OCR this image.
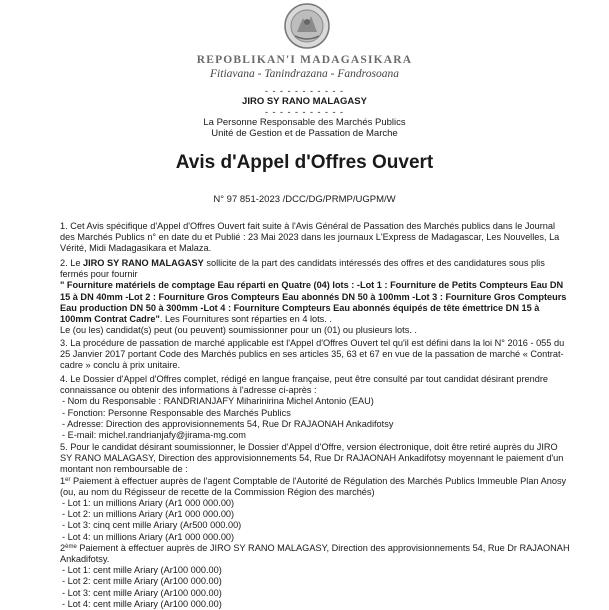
REPOBLIKAN'I MADAGASIKARA
Fitiavana - Tanindrazana - Fandrosoana
- - - - - - - - - - -
JIRO SY RANO MALAGASY
- - - - - - - - - - -
La Personne Responsable des Marchés Publics
Unité de Gestion et de Passation de Marche
Avis d'Appel d'Offres Ouvert
N° 97 851-2023 /DCC/DG/PRMP/UGPM/W

1. Cet Avis spécifique d'Appel d'Offres Ouvert fait suite à l'Avis Général de Passation des Marchés publics dans le Journal des Marchés Publics n° en date du et Publié : 23 Mai 2023 dans les journaux L'Express de Madagascar, Les Nouvelles, La Vérité, Midi Madagasikara et Malaza.

2. Le JIRO SY RANO MALAGASY sollicite de la part des candidats intéressés des offres et des candidatures sous plis fermés pour fournir

" Fourniture matériels de comptage Eau réparti en Quatre (04) lots : -Lot 1 : Fourniture de Petits Compteurs Eau DN 15 à DN 40mm -Lot 2 : Fourniture Gros Compteurs Eau abonnés DN 50 à 100mm -Lot 3 : Fourniture Gros Compteurs Eau production DN 50 à 300mm -Lot 4 : Fourniture Compteurs Eau abonnés équipés de tête émettrice DN 15 à 100mm Contrat Cadre". Les Fournitures sont réparties en 4 lots. .

Le (ou les) candidat(s) peut (ou peuvent) soumissionner pour un (01) ou plusieurs lots. .

3. La procédure de passation de marché applicable est l'Appel d'Offres Ouvert tel qu'il est défini dans la loi N° 2016 - 055 du 25 Janvier 2017 portant Code des Marchés publics en ses articles 35, 63 et 67 en vue de la passation de marché « Contrat-cadre » conclu à prix unitaire.

4. Le Dossier d'Appel d'Offres complet, rédigé en langue française, peut être consulté par tout candidat désirant prendre connaissance ou obtenir des informations à l'adresse ci-après :

- Nom du Responsable : RANDRIANJAFY Miharinirina Michel Antonio (EAU)
- Fonction: Personne Responsable des Marchés Publics
- Adresse: Direction des approvisionnements 54, Rue Dr RAJAONAH Ankadifotsy
- E-mail: michel.randrianjafy@jirama-mg.com

5. Pour le candidat désirant soumissionner, le Dossier d'Appel d'Offre, version électronique, doit être retiré auprès du JIRO SY RANO MALAGASY, Direction des approvisionnements 54, Rue Dr RAJAONAH Ankadifotsy moyennant le paiement d'un montant non remboursable de :

1er Paiement à effectuer auprès de l'agent Comptable de l'Autorité de Régulation des Marchés Publics Immeuble Plan Anosy (ou, au nom du Régisseur de recette de la Commission Région des marchés)

- Lot 1: un millions Ariary (Ar1 000 000.00)
- Lot 2: un millions Ariary (Ar1 000 000.00)
- Lot 3: cinq cent mille Ariary (Ar500 000.00)
- Lot 4: un millions Ariary (Ar1 000 000.00)

2ème Paiement à effectuer auprès de JIRO SY RANO MALAGASY, Direction des approvisionnements 54, Rue Dr RAJAONAH Ankadifotsy.

- Lot 1: cent mille Ariary (Ar100 000.00)
- Lot 2: cent mille Ariary (Ar100 000.00)
- Lot 3: cent mille Ariary (Ar100 000.00)
- Lot 4: cent mille Ariary (Ar100 000.00)
